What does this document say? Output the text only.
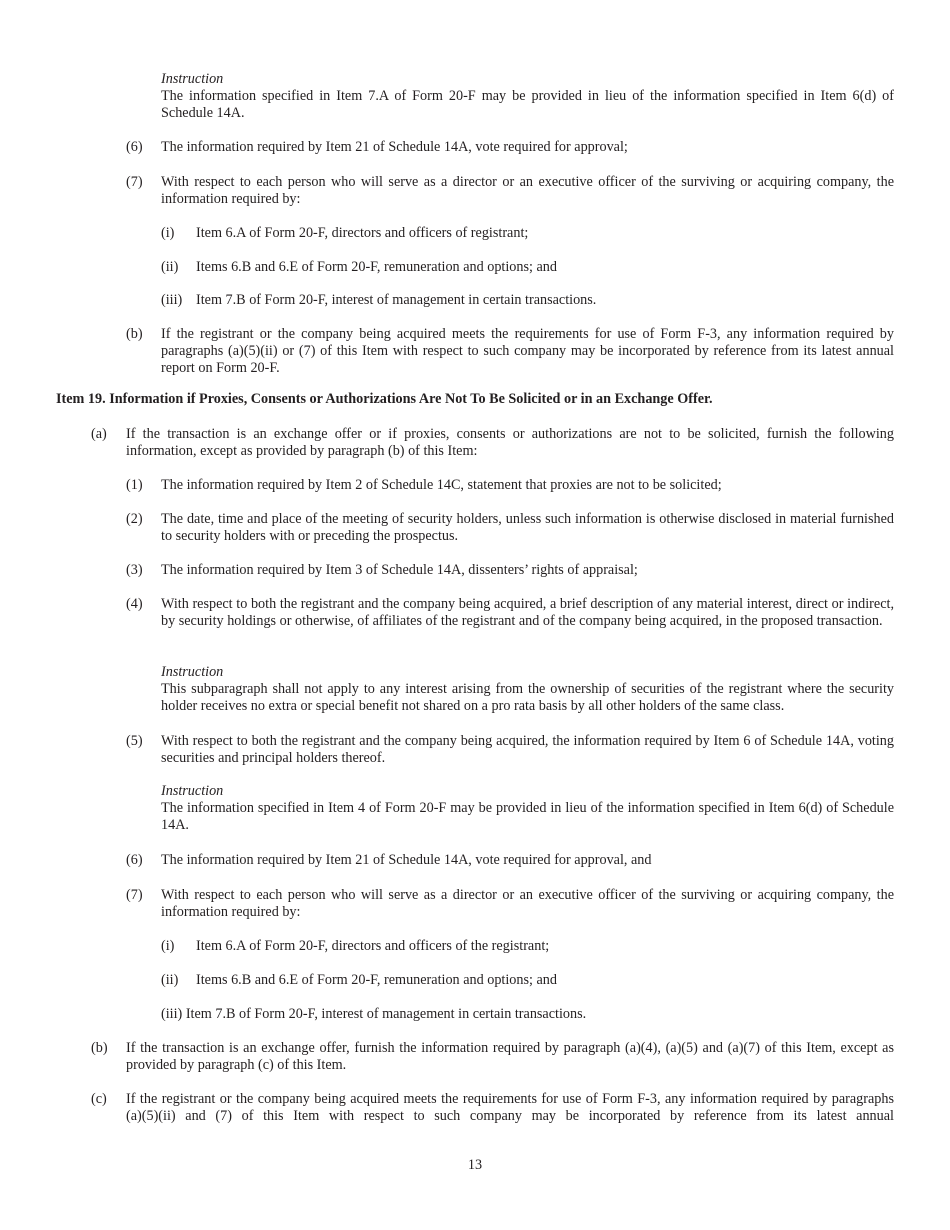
Instruction
The information specified in Item 7.A of Form 20-F may be provided in lieu of the information specified in Item 6(d) of Schedule 14A.
(6) The information required by Item 21 of Schedule 14A, vote required for approval;
(7) With respect to each person who will serve as a director or an executive officer of the surviving or acquiring company, the information required by:
(i) Item 6.A of Form 20-F, directors and officers of registrant;
(ii) Items 6.B and 6.E of Form 20-F, remuneration and options; and
(iii) Item 7.B of Form 20-F, interest of management in certain transactions.
(b) If the registrant or the company being acquired meets the requirements for use of Form F-3, any information required by paragraphs (a)(5)(ii) or (7) of this Item with respect to such company may be incorporated by reference from its latest annual report on Form 20-F.
Item 19. Information if Proxies, Consents or Authorizations Are Not To Be Solicited or in an Exchange Offer.
(a) If the transaction is an exchange offer or if proxies, consents or authorizations are not to be solicited, furnish the following information, except as provided by paragraph (b) of this Item:
(1) The information required by Item 2 of Schedule 14C, statement that proxies are not to be solicited;
(2) The date, time and place of the meeting of security holders, unless such information is otherwise disclosed in material furnished to security holders with or preceding the prospectus.
(3) The information required by Item 3 of Schedule 14A, dissenters’ rights of appraisal;
(4) With respect to both the registrant and the company being acquired, a brief description of any material interest, direct or indirect, by security holdings or otherwise, of affiliates of the registrant and of the company being acquired, in the proposed transaction.
Instruction
This subparagraph shall not apply to any interest arising from the ownership of securities of the registrant where the security holder receives no extra or special benefit not shared on a pro rata basis by all other holders of the same class.
(5) With respect to both the registrant and the company being acquired, the information required by Item 6 of Schedule 14A, voting securities and principal holders thereof.
Instruction
The information specified in Item 4 of Form 20-F may be provided in lieu of the information specified in Item 6(d) of Schedule 14A.
(6) The information required by Item 21 of Schedule 14A, vote required for approval, and
(7) With respect to each person who will serve as a director or an executive officer of the surviving or acquiring company, the information required by:
(i) Item 6.A of Form 20-F, directors and officers of the registrant;
(ii) Items 6.B and 6.E of Form 20-F, remuneration and options; and
(iii) Item 7.B of Form 20-F, interest of management in certain transactions.
(b) If the transaction is an exchange offer, furnish the information required by paragraph (a)(4), (a)(5) and (a)(7) of this Item, except as provided by paragraph (c) of this Item.
(c) If the registrant or the company being acquired meets the requirements for use of Form F-3, any information required by paragraphs (a)(5)(ii) and (7) of this Item with respect to such company may be incorporated by reference from its latest annual
13
